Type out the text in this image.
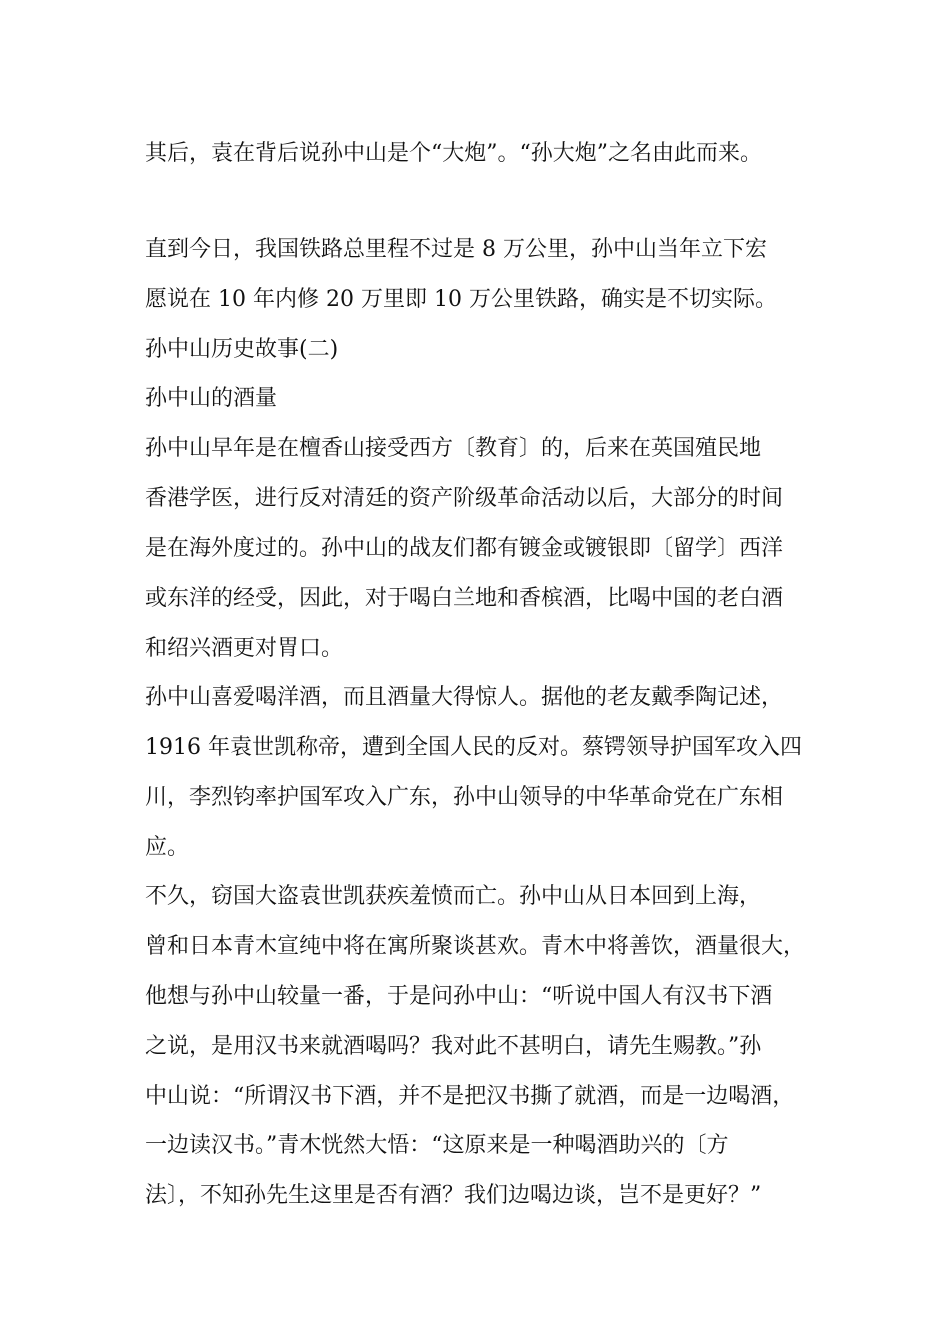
其后，袁在背后说孙中山是个“大炮”。“孙大炮”之名由此而来。
直到今日，我国铁路总里程不过是 8 万公里，孙中山当年立下宏
愿说在 10 年内修 20 万里即 10 万公里铁路，确实是不切实际。
孙中山历史故事(二)
孙中山的酒量
孙中山早年是在檀香山接受西方〔教育〕的，后来在英国殖民地
香港学医，进行反对清廷的资产阶级革命活动以后，大部分的时间
是在海外度过的。孙中山的战友们都有镀金或镀银即〔留学〕西洋
或东洋的经受，因此，对于喝白兰地和香槟酒，比喝中国的老白酒
和绍兴酒更对胃口。
孙中山喜爱喝洋酒，而且酒量大得惊人。据他的老友戴季陶记述，
1916 年袁世凯称帝，遭到全国人民的反对。蔡锷领导护国军攻入四
川，李烈钧率护国军攻入广东，孙中山领导的中华革命党在广东相
应。
不久，窃国大盗袁世凯获疾羞愤而亡。孙中山从日本回到上海，
曾和日本青木宣纯中将在寓所聚谈甚欢。青木中将善饮，酒量很大，
他想与孙中山较量一番，于是问孙中山：“听说中国人有汉书下酒
之说，是用汉书来就酒喝吗？我对此不甚明白，请先生赐教。”孙
中山说：“所谓汉书下酒，并不是把汉书撕了就酒，而是一边喝酒，
一边读汉书。”青木恍然大悟：“这原来是一种喝酒助兴的〔方
法〕，不知孙先生这里是否有酒？我们边喝边谈，岂不是更好？”
